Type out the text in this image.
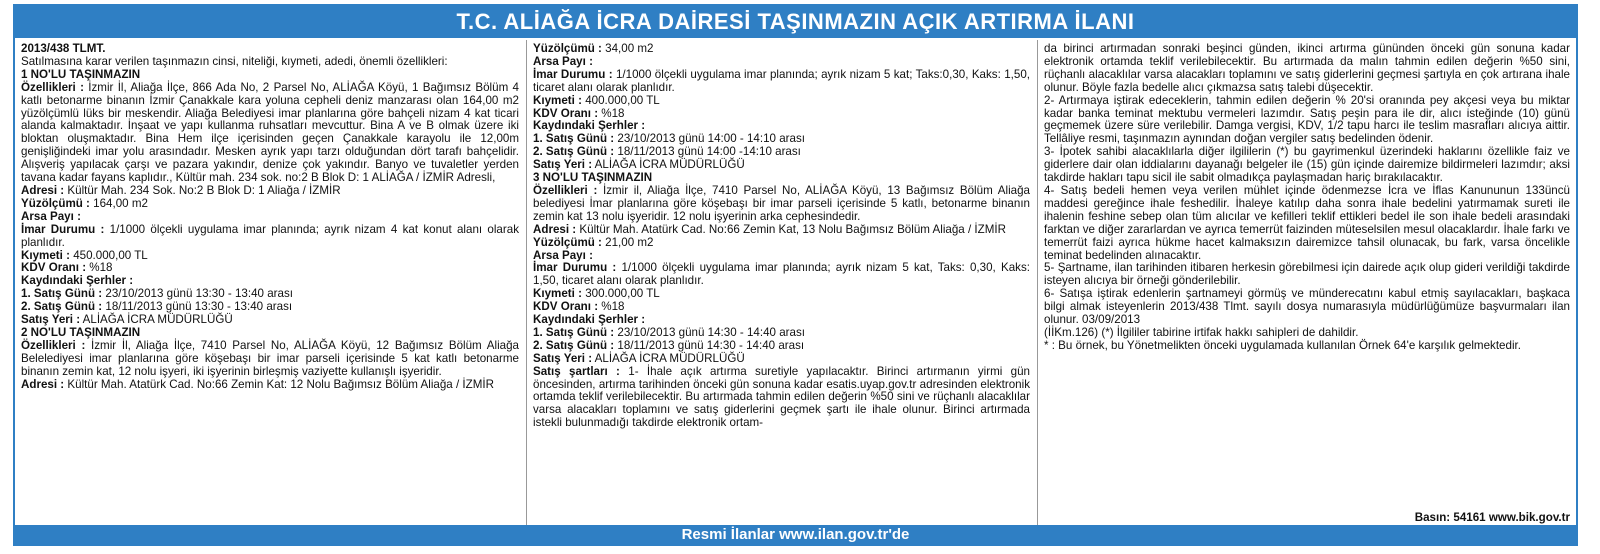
T.C. ALİAĞA İCRA DAİRESİ TAŞINMAZIN AÇIK ARTIRMA İLANI

2013/438 TLMT.

Satılmasına karar verilen taşınmazın cinsi, niteliği, kıymeti, adedi, önemli özellikleri:

1 NO'LU TAŞINMAZIN

Özellikleri : İzmir İl, Aliağa İlçe, 866 Ada No, 2 Parsel No, ALİAĞA Köyü, 1 Bağımsız Bölüm 4 katlı betonarme binanın İzmir Çanakkale kara yoluna cepheli deniz manzarası olan 164,00 m2 yüzölçümlü lüks bir meskendir. Aliağa Belediyesi imar planlarına göre bahçeli nizam 4 kat ticari alanda kalmaktadır. İnşaat ve yapı kullanma ruhsatları mevcuttur. Bina A ve B olmak üzere iki bloktan oluşmaktadır. Bina Hem ilçe içerisinden geçen Çanakkale karayolu ile 12,00m genişliğindeki imar yolu arasındadır. Mesken ayrık yapı tarzı olduğundan dört tarafı bahçelidir. Alışveriş yapılacak çarşı ve pazara yakındır, denize çok yakındır. Banyo ve tuvaletler yerden tavana kadar fayans kaplıdır., Kültür mah. 234 sok. no:2 B Blok D: 1 ALİAĞA / İZMİR Adresli,

Adresi : Kültür Mah. 234 Sok. No:2 B Blok D: 1 Aliağa / İZMİR

Yüzölçümü : 164,00 m2

Arsa Payı :

İmar Durumu : 1/1000 ölçekli uygulama imar planında; ayrık nizam 4 kat konut alanı olarak planlıdır.

Kıymeti : 450.000,00 TL

KDV Oranı : %18

Kaydındaki Şerhler :

1. Satış Günü : 23/10/2013 günü 13:30 - 13:40 arası

2. Satış Günü : 18/11/2013 günü 13:30 - 13:40 arası

Satış Yeri : ALİAĞA İCRA MÜDÜRLÜĞÜ

2 NO'LU TAŞINMAZIN

Özellikleri : İzmir İl, Aliağa İlçe, 7410 Parsel No, ALİAĞA Köyü, 12 Bağımsız Bölüm Aliağa Belelediyesi imar planlarına göre köşebaşı bir imar parseli içerisinde 5 kat katlı betonarme binanın zemin kat, 12 nolu işyeri, iki işyerinin birleşmiş vaziyette kullanışlı işyeridir.

Adresi : Kültür Mah. Atatürk Cad. No:66 Zemin Kat: 12 Nolu Bağımsız Bölüm Aliağa / İZMİR

Yüzölçümü : 34,00 m2

Arsa Payı :

İmar Durumu : 1/1000 ölçekli uygulama imar planında; ayrık nizam 5 kat; Taks:0,30, Kaks: 1,50, ticaret alanı olarak planlıdır.

Kıymeti : 400.000,00 TL

KDV Oranı : %18

Kaydındaki Şerhler :

1. Satış Günü : 23/10/2013 günü 14:00 - 14:10 arası

2. Satış Günü : 18/11/2013 günü 14:00 -14:10 arası

Satış Yeri : ALİAĞA İCRA MÜDÜRLÜĞÜ

3 NO'LU TAŞINMAZIN

Özellikleri : İzmir il, Aliağa İlçe, 7410 Parsel No, ALİAĞA Köyü, 13 Bağımsız Bölüm Aliağa belediyesi İmar planlarına göre köşebaşı bir imar parseli içerisinde 5 katlı, betonarme binanın zemin kat 13 nolu işyeridir. 12 nolu işyerinin arka cephesindedir.

Adresi : Kültür Mah. Atatürk Cad. No:66 Zemin Kat, 13 Nolu Bağımsız Bölüm Aliağa / İZMİR

Yüzölçümü : 21,00 m2

Arsa Payı :

İmar Durumu : 1/1000 ölçekli uygulama imar planında; ayrık nizam 5 kat, Taks: 0,30, Kaks: 1,50, ticaret alanı olarak planlıdır.

Kıymeti : 300.000,00 TL

KDV Oranı : %18

Kaydındaki Şerhler :

1. Satış Günü : 23/10/2013 günü 14:30 - 14:40 arası

2. Satış Günü : 18/11/2013 günü 14:30 - 14:40 arası

Satış Yeri : ALİAĞA İCRA MÜDÜRLÜĞÜ

Satış şartları : 1- İhale açık artırma suretiyle yapılacaktır. Birinci artırmanın yirmi gün öncesinden, artırma tarihinden önceki gün sonuna kadar esatis.uyap.gov.tr adresinden elektronik ortamda teklif verilebilecektir. Bu artırmada tahmin edilen değerin %50 sini ve rüçhanlı alacaklılar varsa alacakları toplamını ve satış giderlerini geçmek şartı ile ihale olunur. Birinci artırmada istekli bulunmadığı takdirde elektronik ortam-

da birinci artırmadan sonraki beşinci günden, ikinci artırma gününden önceki gün sonuna kadar elektronik ortamda teklif verilebilecektir. Bu artırmada da malın tahmin edilen değerin %50 sini, rüçhanlı alacaklılar varsa alacakları toplamını ve satış giderlerini geçmesi şartıyla en çok artırana ihale olunur. Böyle fazla bedelle alıcı çıkmazsa satış talebi düşecektir.

2- Artırmaya iştirak edeceklerin, tahmin edilen değerin % 20'si oranında pey akçesi veya bu miktar kadar banka teminat mektubu vermeleri lazımdır. Satış peşin para ile dir, alıcı isteğinde (10) günü geçmemek üzere süre verilebilir. Damga vergisi, KDV, 1/2 tapu harcı ile teslim masrafları alıcıya aittir. Tellâliye resmi, taşınmazın aynından doğan vergiler satış bedelinden ödenir.

3- İpotek sahibi alacaklılarla diğer ilgililerin (*) bu gayrimenkul üzerindeki haklarını özellikle faiz ve giderlere dair olan iddialarını dayanağı belgeler ile (15) gün içinde dairemize bildirmeleri lazımdır; aksi takdirde hakları tapu sicil ile sabit olmadıkça paylaşmadan hariç bırakılacaktır.

4- Satış bedeli hemen veya verilen mühlet içinde ödenmezse İcra ve İflas Kanununun 133üncü maddesi gereğince ihale feshedilir. İhaleye katılıp daha sonra ihale bedelini yatırmamak sureti ile ihalenin feshine sebep olan tüm alıcılar ve kefilleri teklif ettikleri bedel ile son ihale bedeli arasındaki farktan ve diğer zararlardan ve ayrıca temerrüt faizinden müteselsilen mesul olacaklardır. İhale farkı ve temerrüt faizi ayrıca hükme hacet kalmaksızın dairemizce tahsil olunacak, bu fark, varsa öncelikle teminat bedelinden alınacaktır.

5- Şartname, ilan tarihinden itibaren herkesin görebilmesi için dairede açık olup gideri verildiği takdirde isteyen alıcıya bir örneği gönderilebilir.

6- Satışa iştirak edenlerin şartnameyi görmüş ve münderecatını kabul etmiş sayılacakları, başkaca bilgi almak isteyenlerin 2013/438 Tlmt. sayılı dosya numarasıyla müdürlüğümüze başvurmaları ilan olunur. 03/09/2013

(İİKm.126) (*) İlgililer tabirine irtifak hakkı sahipleri de dahildir.

* : Bu örnek, bu Yönetmelikten önceki uygulamada kullanılan Örnek 64'e karşılık gelmektedir.

Basın: 54161 www.bik.gov.tr
Resmi İlanlar www.ilan.gov.tr'de
